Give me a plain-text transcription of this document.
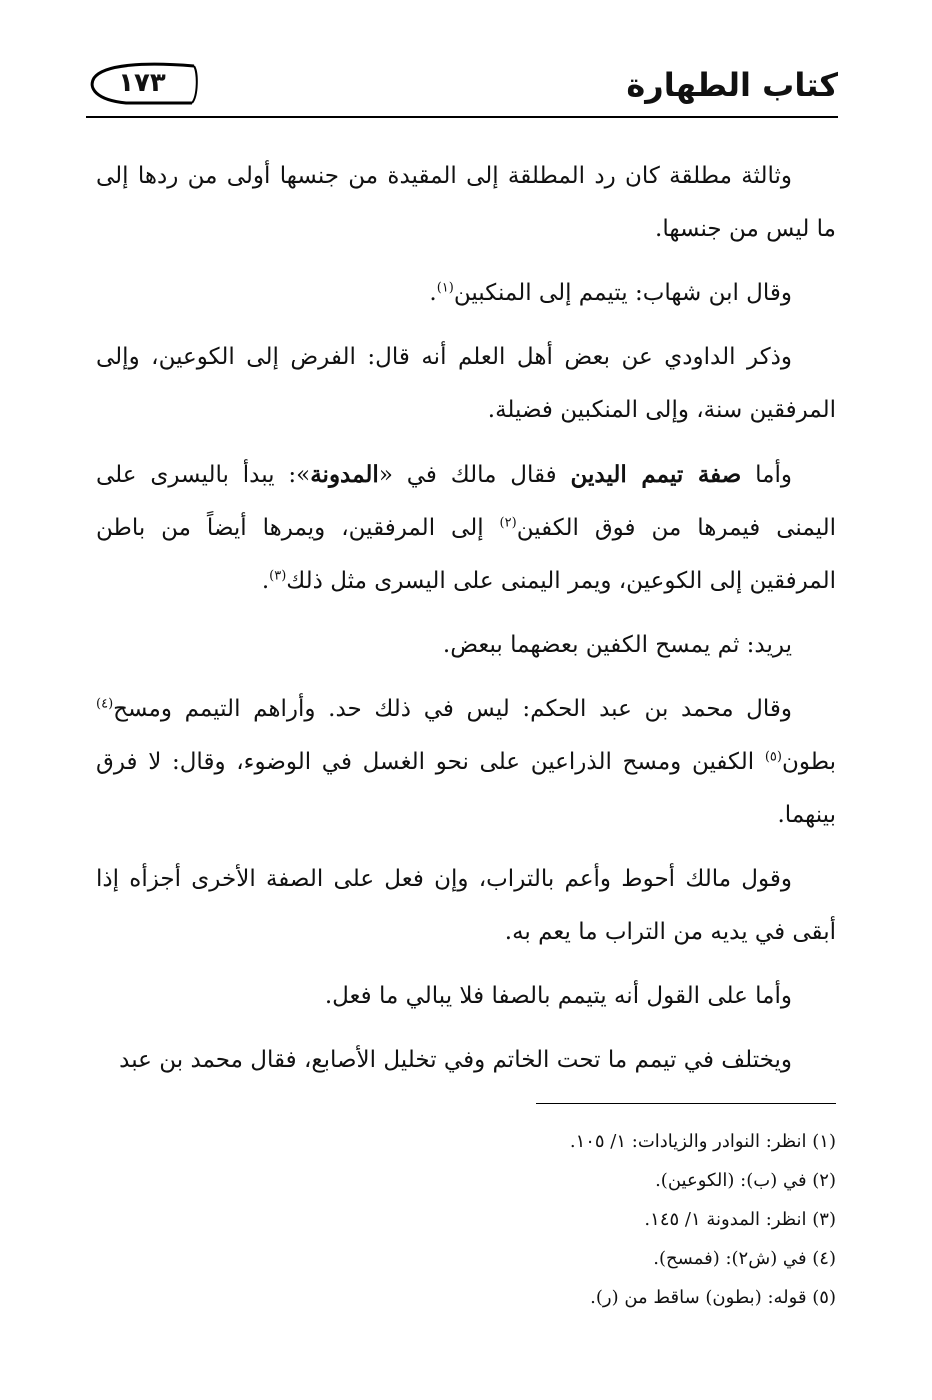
١٧٣	كتاب الطهارة

وثالثة مطلقة كان رد المطلقة إلى المقيدة من جنسها أولى من ردها إلى ما ليس من جنسها.

وقال ابن شهاب: يتيمم إلى المنكبين$^{(١)}$.

وذكر الداودي عن بعض أهل العلم أنه قال: الفرض إلى الكوعين، وإلى المرفقين سنة، وإلى المنكبين فضيلة.

وأما صفة تيمم اليدين فقال مالك في «المدونة»: يبدأ باليسرى على اليمنى فيمرها من فوق الكفين$^{(٢)}$ إلى المرفقين، ويمرها أيضاً من باطن المرفقين إلى الكوعين، ويمر اليمنى على اليسرى مثل ذلك$^{(٣)}$.

يريد: ثم يمسح الكفين بعضهما ببعض.

وقال محمد بن عبد الحكم: ليس في ذلك حد. وأراهم التيمم ومسح$^{(٤)}$ بطون$^{(٥)}$ الكفين ومسح الذراعين على نحو الغسل في الوضوء، وقال: لا فرق بينهما.

وقول مالك أحوط وأعم بالتراب، وإن فعل على الصفة الأخرى أجزأه إذا أبقى في يديه من التراب ما يعم به.

وأما على القول أنه يتيمم بالصفا فلا يبالي ما فعل.

ويختلف في تيمم ما تحت الخاتم وفي تخليل الأصابع، فقال محمد بن عبد

(١) انظر: النوادر والزيادات: ١/ ١٠٥.
(٢) في (ب): (الكوعين).
(٣) انظر: المدونة ١/ ١٤٥.
(٤) في (ش٢): (فمسح).
(٥) قوله: (بطون) ساقط من (ر).
